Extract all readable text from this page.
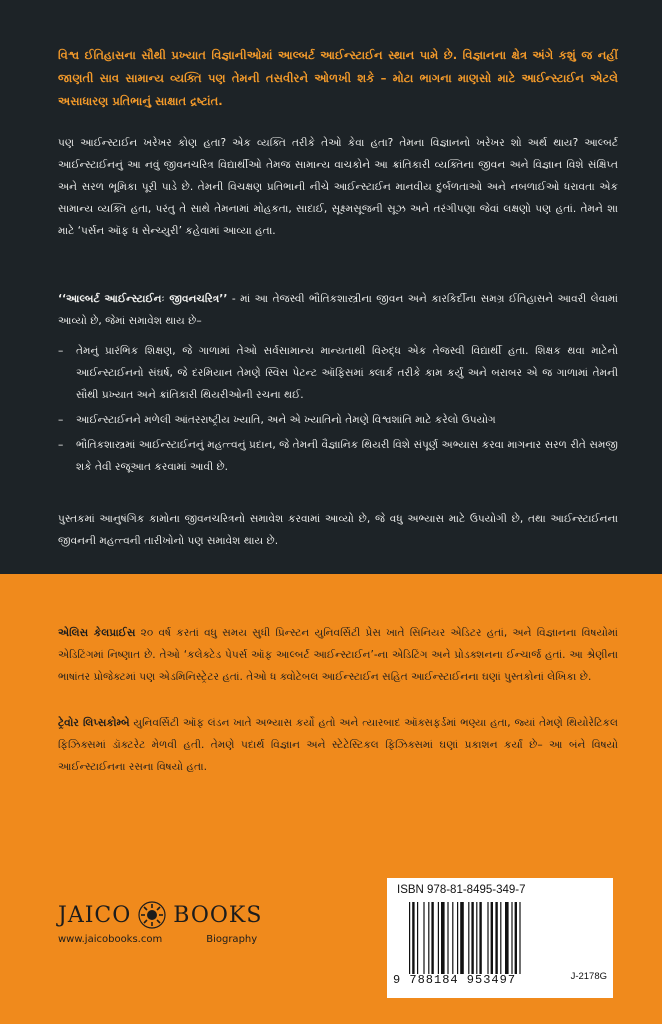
વિશ્વ ઈતિહાસના સૌથી પ્રખ્યાત વિજ્ઞાનીઓમાં આલ્બર્ટ આઈન્સ્ટાઈન સ્થાન પામે છે. વિજ્ઞાનના ક્ષેત્ર અંગે કશું જ નહીં જાણતી સાવ સામાન્ય વ્યક્તિ પણ તેમની તસવીરને ઓળખી શકે – મોટા ભાગના માણસો માટે આઈન્સ્ટાઈન એટલે અસાધારણ પ્રતિભાનું સાક્ષાત દ્રષ્ટાંત.

પણ આઈન્સ્ટાઈન ખરેખર કોણ હતા? એક વ્યક્તિ તરીકે તેઓ કેવા હતા? તેમના વિજ્ઞાનનો ખરેખર શો અર્થ થાય? આલ્બર્ટ આઈન્સ્ટાઈનનું આ નવું જીવનચરિત્ર વિદ્યાર્થીઓ તેમજ સામાન્ય વાચકોને આ ક્રાંતિકારી વ્યક્તિના જીવન અને વિજ્ઞાન વિશે સંક્ષિપ્ત અને સરળ ભૂમિકા પૂરી પાડે છે. તેમની વિચક્ષણ પ્રતિભાની નીચે આઈન્સ્ટાઈન માનવીય દુર્બળતાઓ અને નબળાઈઓ ધરાવતા એક સામાન્ય વ્યક્તિ હતા, પરંતુ તે સાથે તેમનામાં મોહકતા, સાદાઈ, સૂક્ષ્મસૂજની સૂઝ અને તરંગીપણા જેવાં લક્ષણો પણ હતાં. તેમને શા માટે ‘પર્સન ઑફ ધ સેન્ચ્યુરી’ કહેવામાં આવ્યા હતા.

‘‘આલ્બર્ટ આઈન્સ્ટાઈનઃ જીવનચરિત્ર’’ - માં આ તેજસ્વી ભૌતિકશાસ્ત્રીના જીવન અને કારકિર્દીના સમગ્ર ઈતિહાસને આવરી લેવામાં આવ્યો છે, જેમાં સમાવેશ થાય છે–

– તેમનું પ્રારંભિક શિક્ષણ, જે ગાળામાં તેઓ સર્વસામાન્ય માન્યતાથી વિરુદ્ધ એક તેજસ્વી વિદ્યાર્થી હતા. શિક્ષક થવા માટેનો આઈન્સ્ટાઈનનો સંઘર્ષ, જે દરમિયાન તેમણે સ્વિસ પેટન્ટ ઑફિસમાં ક્લાર્ક તરીકે કામ કર્યું અને બરાબર એ જ ગાળામાં તેમની સૌથી પ્રખ્યાત અને ક્રાંતિકારી થિયરીઓની રચના થઈ.
– આઈન્સ્ટાઈનને મળેલી આંતરરાષ્ટ્રીય ખ્યાતિ, અને એ ખ્યાતિનો તેમણે વિશ્વશાંતિ માટે કરેલો ઉપયોગ
– ભૌતિકશાસ્ત્રમાં આઈન્સ્ટાઈનનું મહત્ત્વનું પ્રદાન, જે તેમની વૈજ્ઞાનિક થિયરી વિશે સંપૂર્ણ અભ્યાસ કરવા માગનાર સરળ રીતે સમજી શકે તેવી રજૂઆત કરવામાં આવી છે.

પુસ્તકમાં આનુષંગિક કામોના જીવનચરિત્રનો સમાવેશ કરવામાં આવ્યો છે, જે વધુ અભ્યાસ માટે ઉપયોગી છે, તથા આઈન્સ્ટાઈનના જીવનની મહત્ત્વની તારીખોનો પણ સમાવેશ થાય છે.

એલિસ કેલપ્રાઈસ ૨૦ વર્ષ કરતાં વધુ સમય સુધી પ્રિન્સ્ટન યુનિવર્સિટી પ્રેસ ખાતે સિનિયર એડિટર હતાં, અને વિજ્ઞાનના વિષયોમાં એડિટિંગમાં નિષ્ણાત છે. તેઓ ‘કલેક્ટેડ પેપર્સ ઑફ આલ્બર્ટ આઈન્સ્ટાઈન’-ના એડિટિંગ અને પ્રોડક્શનના ઈન્ચાર્જ હતાં. આ શ્રેણીના ભાષાંતર પ્રોજેક્ટમાં પણ એડમિનિસ્ટ્રેટર હતાં. તેઓ ધ ક્વોટેબલ આઈન્સ્ટાઈન સહિત આઈન્સ્ટાઈનના ઘણાં પુસ્તકોનાં લેખિકા છે.

ટ્રેવોર લિપ્સકોમ્બે યુનિવર્સિટી ઑફ લંડન ખાતે અભ્યાસ કર્યો હતો અને ત્યારબાદ ઑક્સફર્ડમાં ભણ્યા હતા, જ્યાં તેમણે થિયોરેટિકલ ફિઝિક્સમાં ડૉક્ટરેટ મેળવી હતી. તેમણે પદાર્થ વિજ્ઞાન અને સ્ટેટેસ્ટિકલ ફિઝિક્સમાં ઘણાં પ્રકાશન કર્યાં છે– આ બંને વિષયો આઈન્સ્ટાઈનના રસના વિષયો હતા.

JAICO BOOKS
www.jaicobooks.com	Biography
ISBN 978-81-8495-349-7
9 788184 953497	J-2178G
